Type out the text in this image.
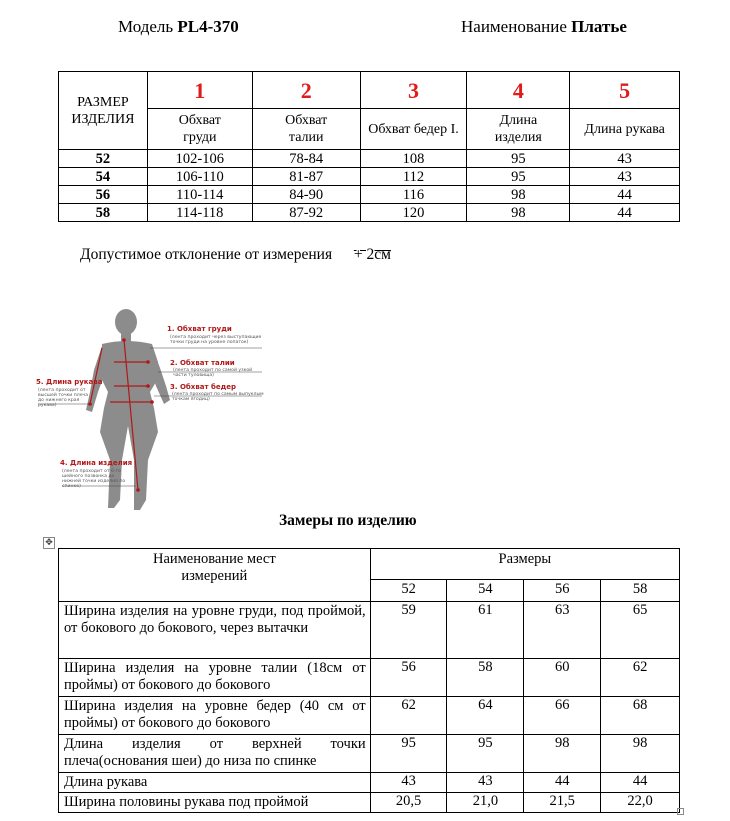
Модель PL4-370	Наименование Платье
РАЗМЕР ИЗДЕЛИЯ	1	2	3	4	5
	Обхват груди	Обхват талии	Обхват бедер I.	Длина изделия	Длина рукава
52	102-106	78-84	108	95	43
54	106-110	81-87	112	95	43
56	110-114	84-90	116	98	44
58	114-118	87-92	120	98	44
Допустимое отклонение от измерения + 2см
1. Обхват груди
(лента проходит через выступающие точки груди на уровне лопаток)
2. Обхват талии
(лента проходит по самой узкой части туловища)
3. Обхват бедер
(лента проходит по самым выпуклым точкам ягодиц)
5. Длина рукава
(лента проходит от высшей точки плеча до нижнего края рукава)
4. Длина изделия
(лента проходит от 6-го шейного позвонка до нижней точки изделия по спинке)
Замеры по изделию
✥
Наименование мест измерений	Размеры			
	52	54	56	58
Ширина изделия на уровне груди, под проймой, от бокового до бокового, через вытачки	59	61	63	65
Ширина изделия на уровне талии (18см от проймы) от бокового до бокового	56	58	60	62
Ширина изделия на уровне бедер (40 см от проймы) от бокового до бокового	62	64	66	68
Длина изделия от верхней точки плеча(основания шеи) до низа по спинке	95	95	98	98
Длина рукава	43	43	44	44
Ширина половины рукава под проймой	20,5	21,0	21,5	22,0
